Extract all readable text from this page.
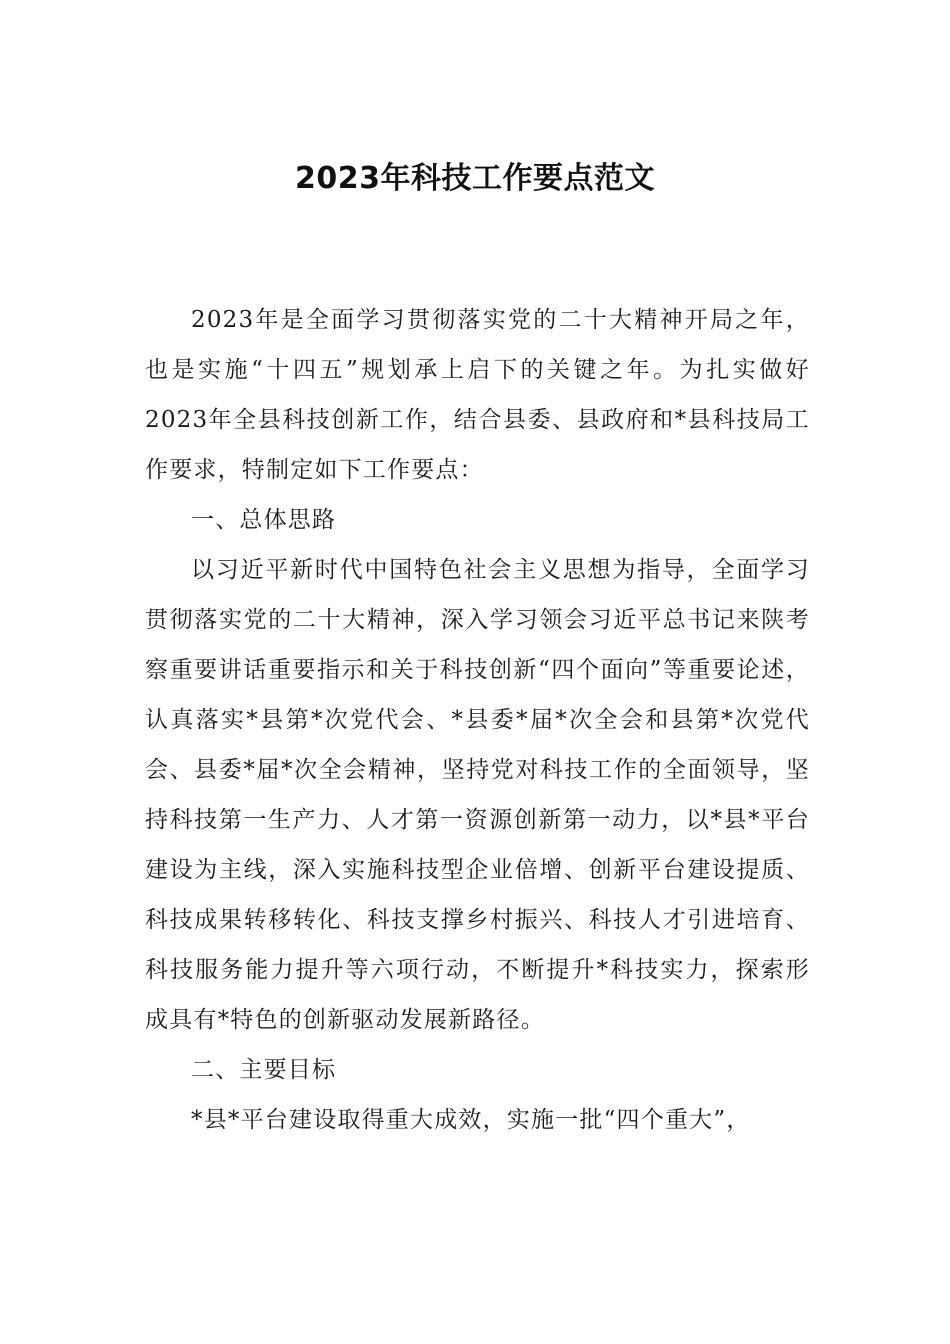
2023年科技工作要点范文

2023年是全面学习贯彻落实党的二十大精神开局之年，也是实施“十四五”规划承上启下的关键之年。为扎实做好2023年全县科技创新工作，结合县委、县政府和*县科技局工作要求，特制定如下工作要点：

一、总体思路

以习近平新时代中国特色社会主义思想为指导，全面学习贯彻落实党的二十大精神，深入学习领会习近平总书记来陕考察重要讲话重要指示和关于科技创新“四个面向”等重要论述，认真落实*县第*次党代会、*县委*届*次全会和县第*次党代会、县委*届*次全会精神，坚持党对科技工作的全面领导，坚持科技第一生产力、人才第一资源创新第一动力，以*县*平台建设为主线，深入实施科技型企业倍增、创新平台建设提质、科技成果转移转化、科技支撑乡村振兴、科技人才引进培育、科技服务能力提升等六项行动，不断提升*科技实力，探索形成具有*特色的创新驱动发展新路径。

二、主要目标

*县*平台建设取得重大成效，实施一批“四个重大”，
